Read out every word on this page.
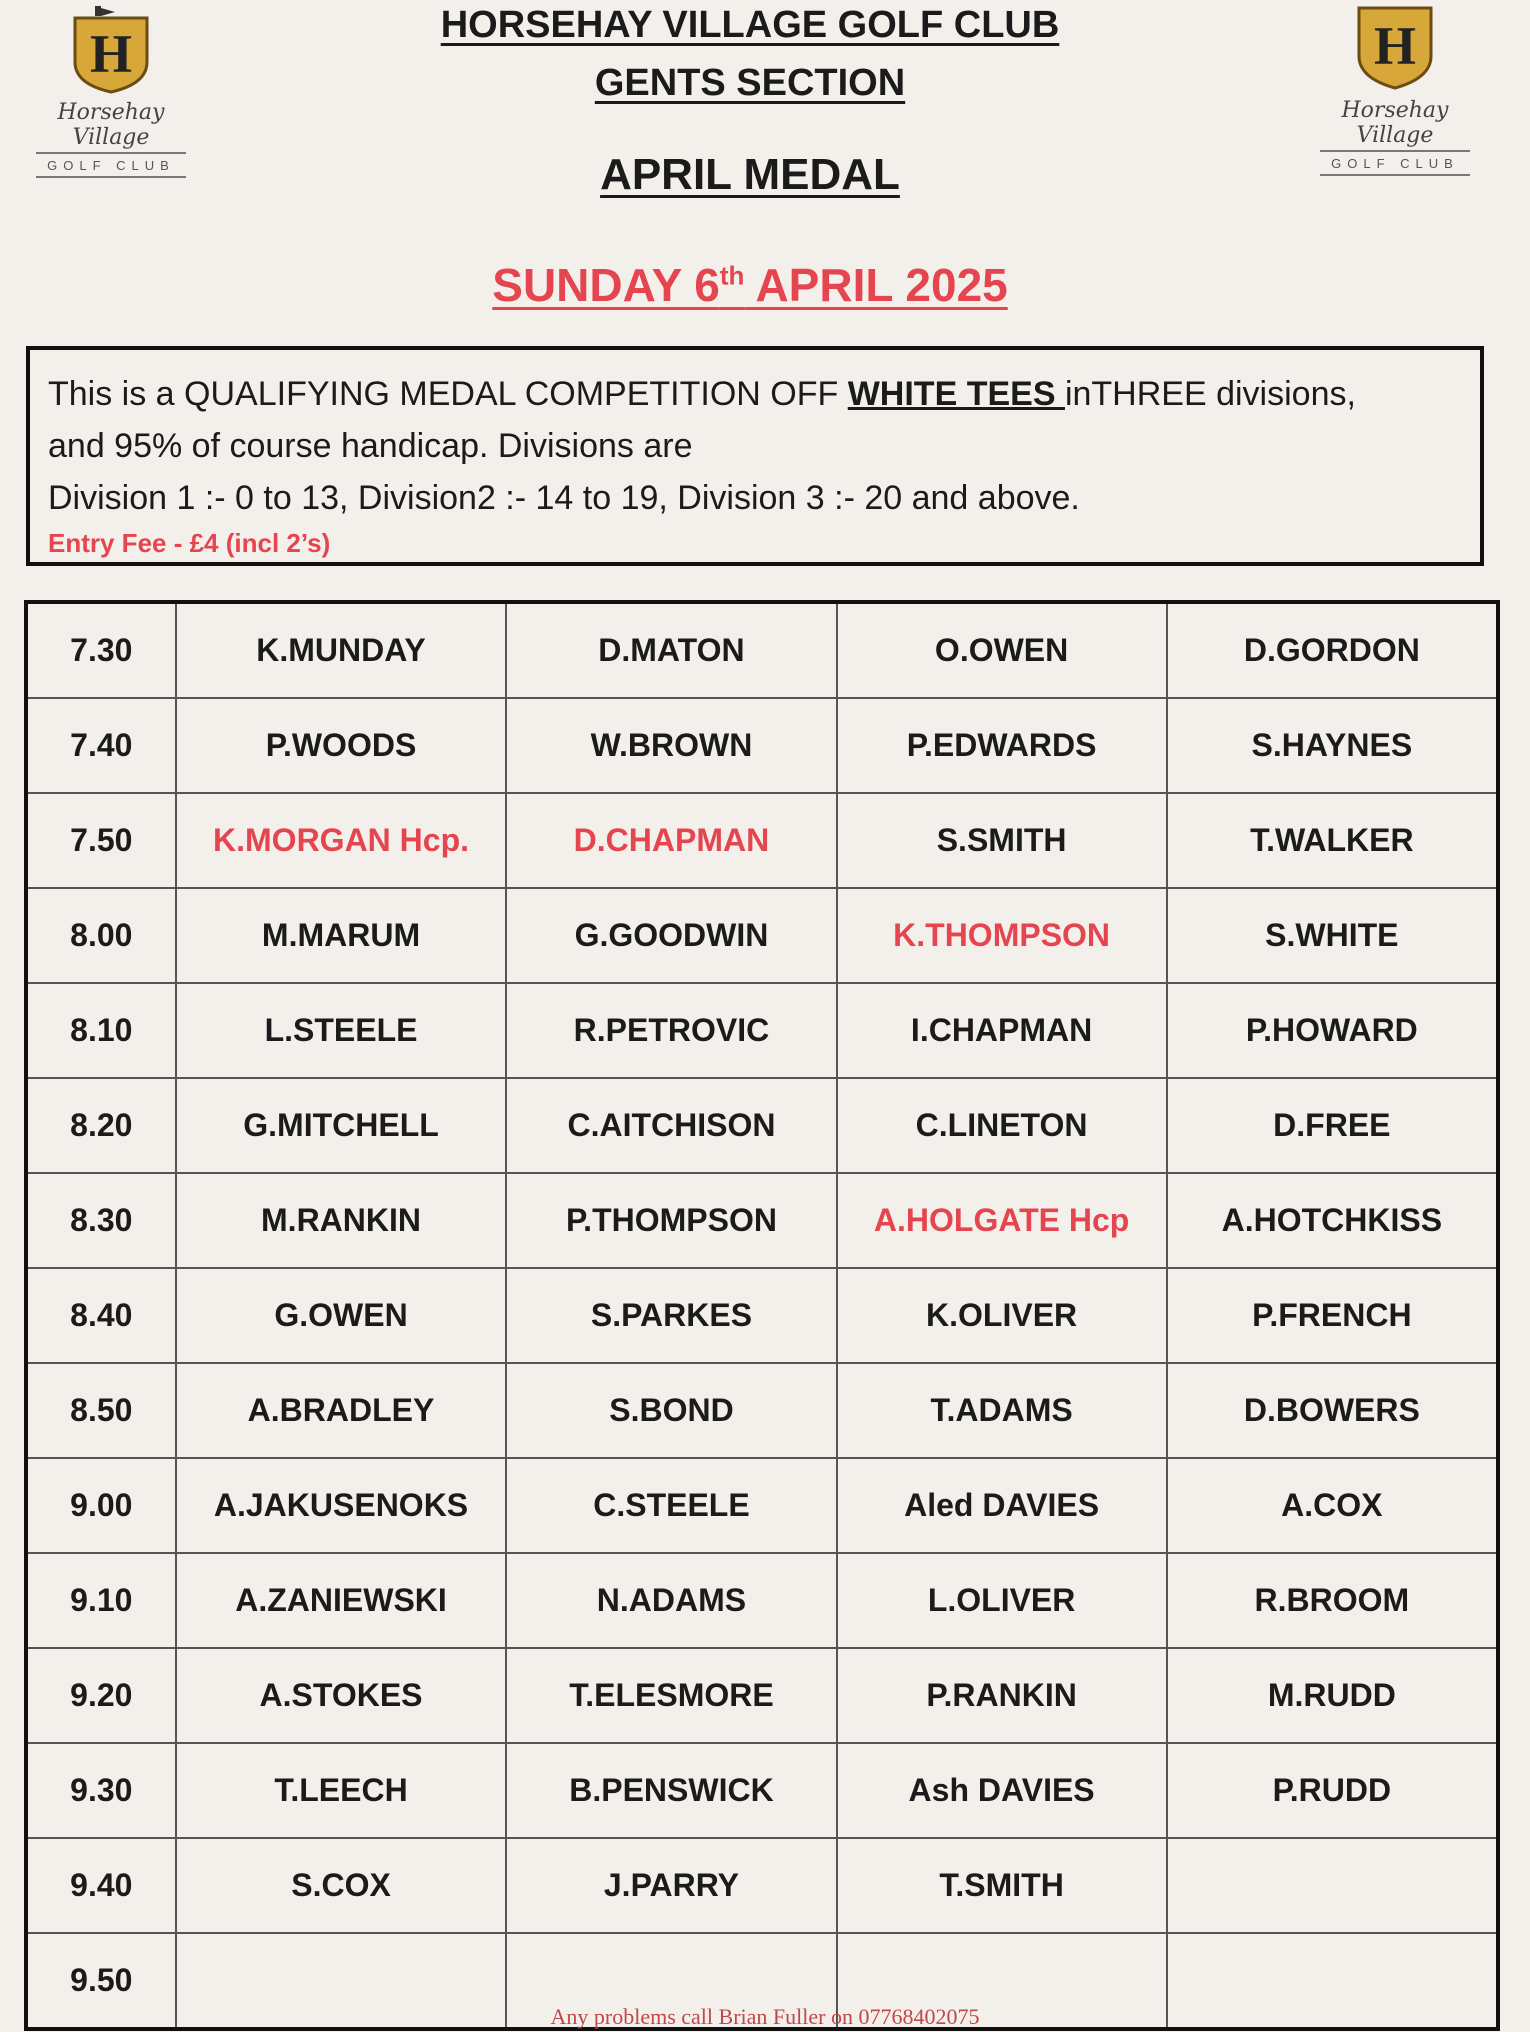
H
Horsehay Village
GOLF CLUB
H
Horsehay Village
GOLF CLUB
HORSEHAY VILLAGE GOLF CLUB
GENTS SECTION
APRIL MEDAL
SUNDAY 6th APRIL 2025
This is a QUALIFYING MEDAL COMPETITION OFF WHITE TEES inTHREE divisions,
and 95% of course handicap. Divisions are
Division 1 :- 0 to 13, Division2 :- 14 to 19, Division 3 :- 20 and above.
Entry Fee - £4 (incl 2’s)
7.30	K.MUNDAY	D.MATON	O.OWEN	D.GORDON
7.40	P.WOODS	W.BROWN	P.EDWARDS	S.HAYNES
7.50	K.MORGAN Hcp.	D.CHAPMAN	S.SMITH	T.WALKER
8.00	M.MARUM	G.GOODWIN	K.THOMPSON	S.WHITE
8.10	L.STEELE	R.PETROVIC	I.CHAPMAN	P.HOWARD
8.20	G.MITCHELL	C.AITCHISON	C.LINETON	D.FREE
8.30	M.RANKIN	P.THOMPSON	A.HOLGATE Hcp	A.HOTCHKISS
8.40	G.OWEN	S.PARKES	K.OLIVER	P.FRENCH
8.50	A.BRADLEY	S.BOND	T.ADAMS	D.BOWERS
9.00	A.JAKUSENOKS	C.STEELE	Aled DAVIES	A.COX
9.10	A.ZANIEWSKI	N.ADAMS	L.OLIVER	R.BROOM
9.20	A.STOKES	T.ELESMORE	P.RANKIN	M.RUDD
9.30	T.LEECH	B.PENSWICK	Ash DAVIES	P.RUDD
9.40	S.COX	J.PARRY	T.SMITH	
9.50				
Any problems call Brian Fuller on 07768402075
